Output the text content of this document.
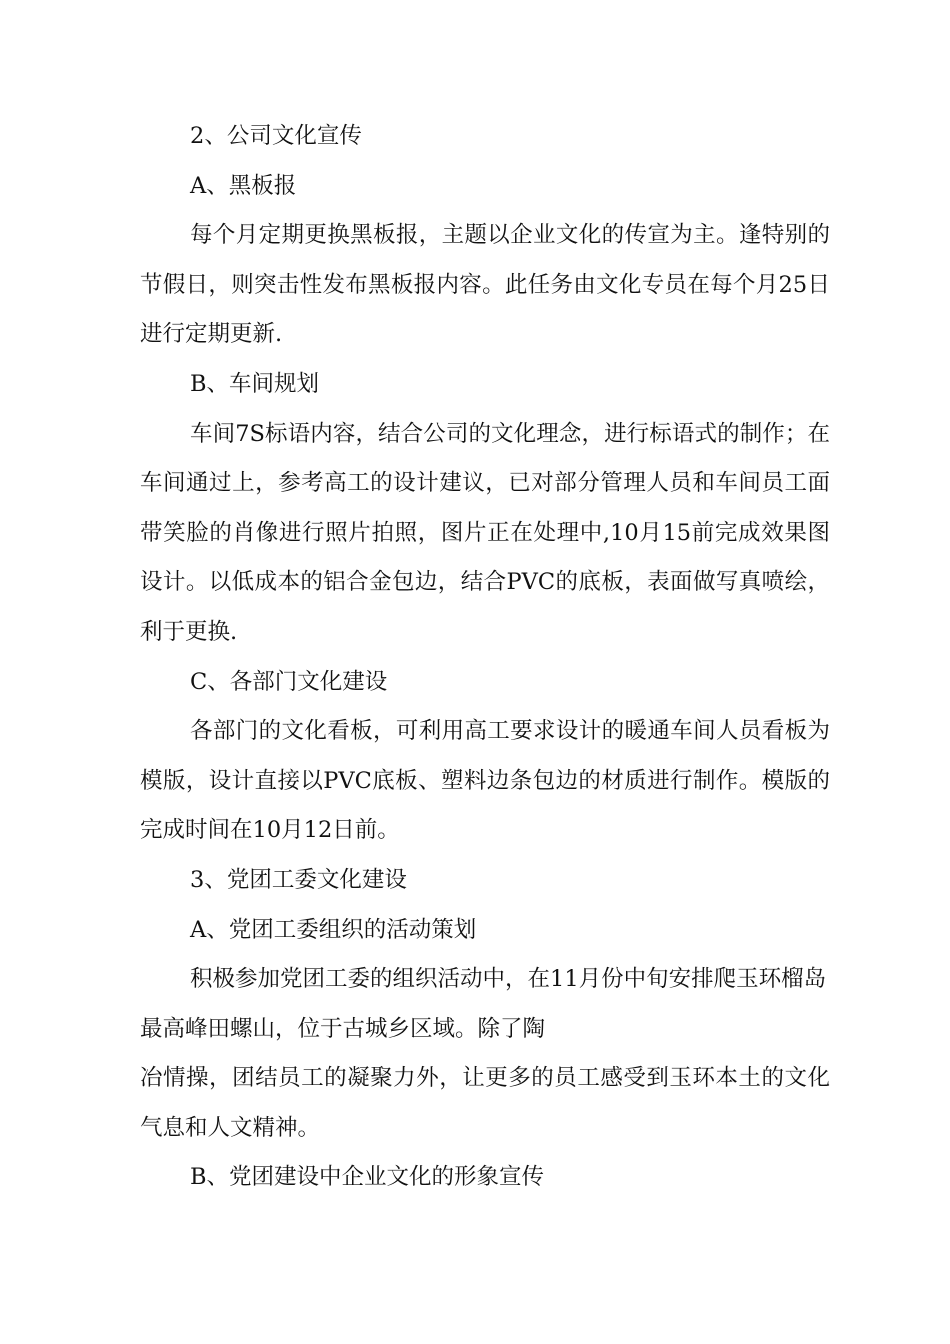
2、公司文化宣传

A、黑板报

每个月定期更换黑板报，主题以企业文化的传宣为主。逢特别的节假日，则突击性发布黑板报内容。此任务由文化专员在每个月25日进行定期更新.

B、车间规划

车间7S标语内容，结合公司的文化理念，进行标语式的制作；在车间通过上，参考高工的设计建议，已对部分管理人员和车间员工面带笑脸的肖像进行照片拍照，图片正在处理中,10月15前完成效果图设计。以低成本的铝合金包边，结合PVC的底板，表面做写真喷绘，利于更换.

C、各部门文化建设

各部门的文化看板，可利用高工要求设计的暖通车间人员看板为模版，设计直接以PVC底板、塑料边条包边的材质进行制作。模版的完成时间在10月12日前。

3、党团工委文化建设

A、党团工委组织的活动策划

积极参加党团工委的组织活动中，在11月份中旬安排爬玉环榴岛最高峰田螺山，位于古城乡区域。除了陶

冶情操，团结员工的凝聚力外，让更多的员工感受到玉环本土的文化气息和人文精神。

B、党团建设中企业文化的形象宣传
